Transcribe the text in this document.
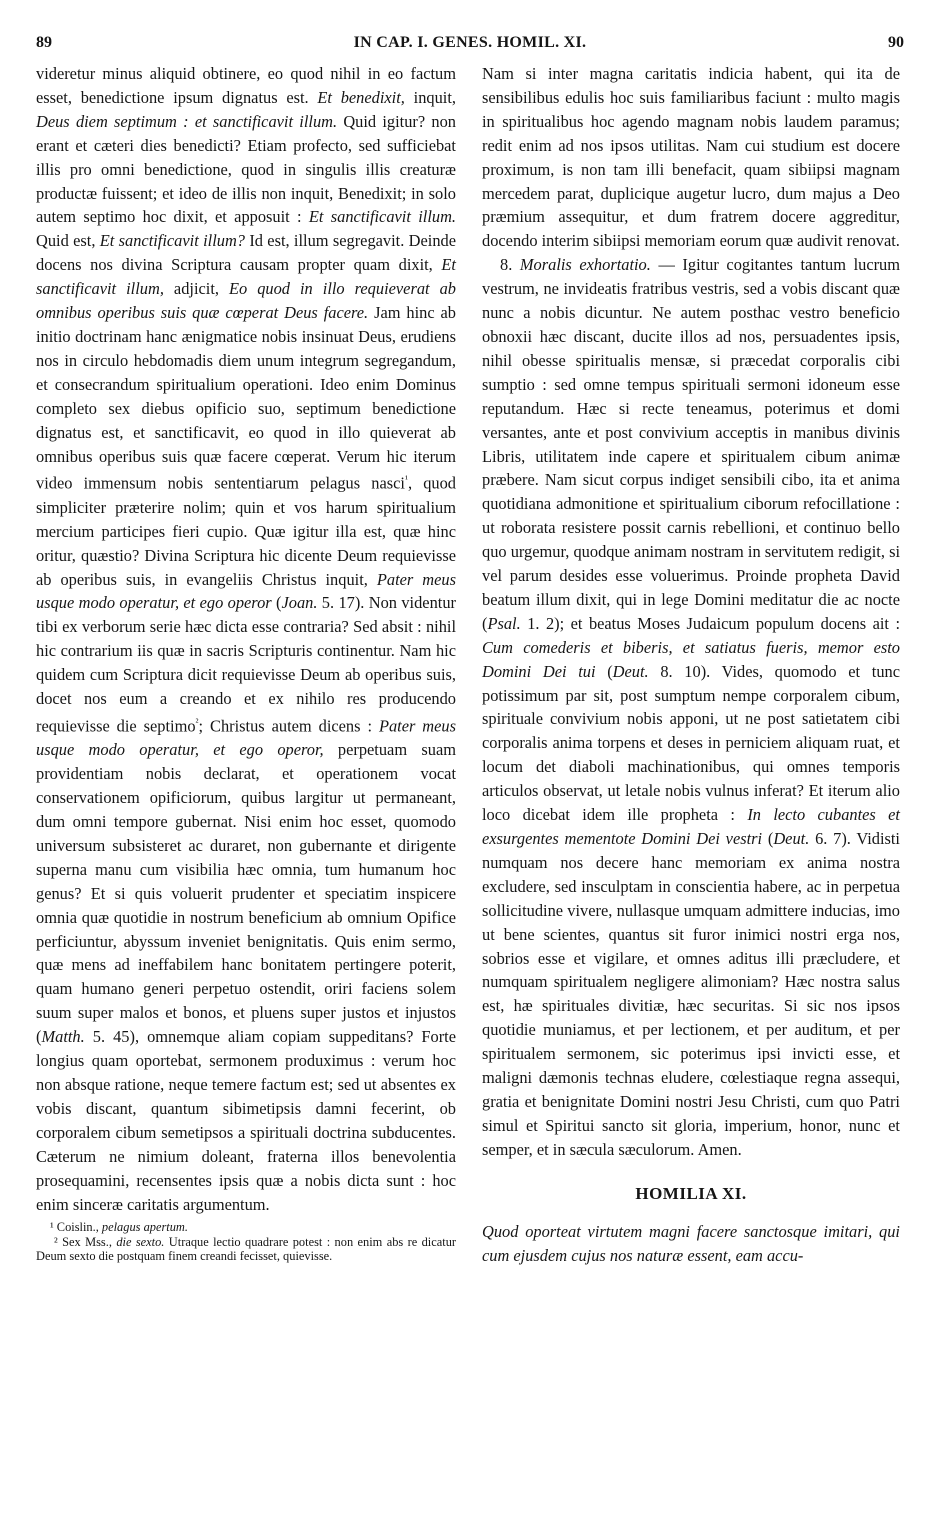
89	IN CAP. I. GENES. HOMIL. XI.	90

videretur minus aliquid obtinere, eo quod nihil in eo factum esset, benedictione ipsum dignatus est. Et benedixit, inquit, Deus diem septimum : et sanctificavit illum. Quid igitur? non erant et cæteri dies benedicti? Etiam profecto, sed sufficiebat illis pro omni benedictione, quod in singulis illis creaturæ productæ fuissent; et ideo de illis non inquit, Benedixit; in solo autem septimo hoc dixit, et apposuit : Et sanctificavit illum. Quid est, Et sanctificavit illum? Id est, illum segregavit. Deinde docens nos divina Scriptura causam propter quam dixit, Et sanctificavit illum, adjicit, Eo quod in illo requieverat ab omnibus operibus suis quæ cœperat Deus facere. Jam hinc ab initio doctrinam hanc ænigmatice nobis insinuat Deus, erudiens nos in circulo hebdomadis diem unum integrum segregandum, et consecrandum spiritualium operationi. Ideo enim Dominus completo sex diebus opificio suo, septimum benedictione dignatus est, et sanctificavit, eo quod in illo quieverat ab omnibus operibus suis quæ facere cœperat. Verum hic iterum video immensum nobis sententiarum pelagus nasci$^{^1}$, quod simpliciter præterire nolim; quin et vos harum spiritualium mercium participes fieri cupio. Quæ igitur illa est, quæ hinc oritur, quæstio? Divina Scriptura hic dicente Deum requievisse ab operibus suis, in evangeliis Christus inquit, Pater meus usque modo operatur, et ego operor (Joan. 5. 17). Non videntur tibi ex verborum serie hæc dicta esse contraria? Sed absit : nihil hic contrarium iis quæ in sacris Scripturis continentur. Nam hic quidem cum Scriptura dicit requievisse Deum ab operibus suis, docet nos eum a creando et ex nihilo res producendo requievisse die septimo$^{^2}$; Christus autem dicens : Pater meus usque modo operatur, et ego operor, perpetuam suam providentiam nobis declarat, et operationem vocat conservationem opificiorum, quibus largitur ut permaneant, dum omni tempore gubernat. Nisi enim hoc esset, quomodo universum subsisteret ac duraret, non gubernante et dirigente superna manu cum visibilia hæc omnia, tum humanum hoc genus? Et si quis voluerit prudenter et speciatim inspicere omnia quæ quotidie in nostrum beneficium ab omnium Opifice perficiuntur, abyssum inveniet benignitatis. Quis enim sermo, quæ mens ad ineffabilem hanc bonitatem pertingere poterit, quam humano generi perpetuo ostendit, oriri faciens solem suum super malos et bonos, et pluens super justos et injustos (Matth. 5. 45), omnemque aliam copiam suppeditans? Forte longius quam oportebat, sermonem produximus : verum hoc non absque ratione, neque temere factum est; sed ut absentes ex vobis discant, quantum sibimetipsis damni fecerint, ob corporalem cibum semetipsos a spirituali doctrina subducentes. Cæterum ne nimium doleant, fraterna illos benevolentia prosequamini, recensentes ipsis quæ a nobis dicta sunt : hoc enim sinceræ caritatis argumentum.

¹ Coislin., pelagus apertum.

² Sex Mss., die sexto. Utraque lectio quadrare potest : non enim abs re dicatur Deum sexto die postquam finem creandi fecisset, quievisse.

Nam si inter magna caritatis indicia habent, qui ita de sensibilibus edulis hoc suis familiaribus faciunt : multo magis in spiritualibus hoc agendo magnam nobis laudem paramus; redit enim ad nos ipsos utilitas. Nam cui studium est docere proximum, is non tam illi benefacit, quam sibiipsi magnam mercedem parat, duplicique augetur lucro, dum majus a Deo præmium assequitur, et dum fratrem docere aggreditur, docendo interim sibiipsi memoriam eorum quæ audivit renovat.

8. Moralis exhortatio. — Igitur cogitantes tantum lucrum vestrum, ne invideatis fratribus vestris, sed a vobis discant quæ nunc a nobis dicuntur. Ne autem posthac vestro beneficio obnoxii hæc discant, ducite illos ad nos, persuadentes ipsis, nihil obesse spiritualis mensæ, si præcedat corporalis cibi sumptio : sed omne tempus spirituali sermoni idoneum esse reputandum. Hæc si recte teneamus, poterimus et domi versantes, ante et post convivium acceptis in manibus divinis Libris, utilitatem inde capere et spiritualem cibum animæ præbere. Nam sicut corpus indiget sensibili cibo, ita et anima quotidiana admonitione et spiritualium ciborum refocillatione : ut roborata resistere possit carnis rebellioni, et continuo bello quo urgemur, quodque animam nostram in servitutem redigit, si vel parum desides esse voluerimus. Proinde propheta David beatum illum dixit, qui in lege Domini meditatur die ac nocte (Psal. 1. 2); et beatus Moses Judaicum populum docens ait : Cum comederis et biberis, et satiatus fueris, memor esto Domini Dei tui (Deut. 8. 10). Vides, quomodo et tunc potissimum par sit, post sumptum nempe corporalem cibum, spirituale convivium nobis apponi, ut ne post satietatem cibi corporalis anima torpens et deses in perniciem aliquam ruat, et locum det diaboli machinationibus, qui omnes temporis articulos observat, ut letale nobis vulnus inferat? Et iterum alio loco dicebat idem ille propheta : In lecto cubantes et exsurgentes mementote Domini Dei vestri (Deut. 6. 7). Vidisti numquam nos decere hanc memoriam ex anima nostra excludere, sed insculptam in conscientia habere, ac in perpetua sollicitudine vivere, nullasque umquam admittere inducias, imo ut bene scientes, quantus sit furor inimici nostri erga nos, sobrios esse et vigilare, et omnes aditus illi præcludere, et numquam spiritualem negligere alimoniam? Hæc nostra salus est, hæ spirituales divitiæ, hæc securitas. Si sic nos ipsos quotidie muniamus, et per lectionem, et per auditum, et per spiritualem sermonem, sic poterimus ipsi invicti esse, et maligni dæmonis technas eludere, cœlestiaque regna assequi, gratia et benignitate Domini nostri Jesu Christi, cum quo Patri simul et Spiritui sancto sit gloria, imperium, honor, nunc et semper, et in sæcula sæculorum. Amen.

HOMILIA XI.

Quod oporteat virtutem magni facere sanctosque imitari, qui cum ejusdem cujus nos naturæ essent, eam accu-
